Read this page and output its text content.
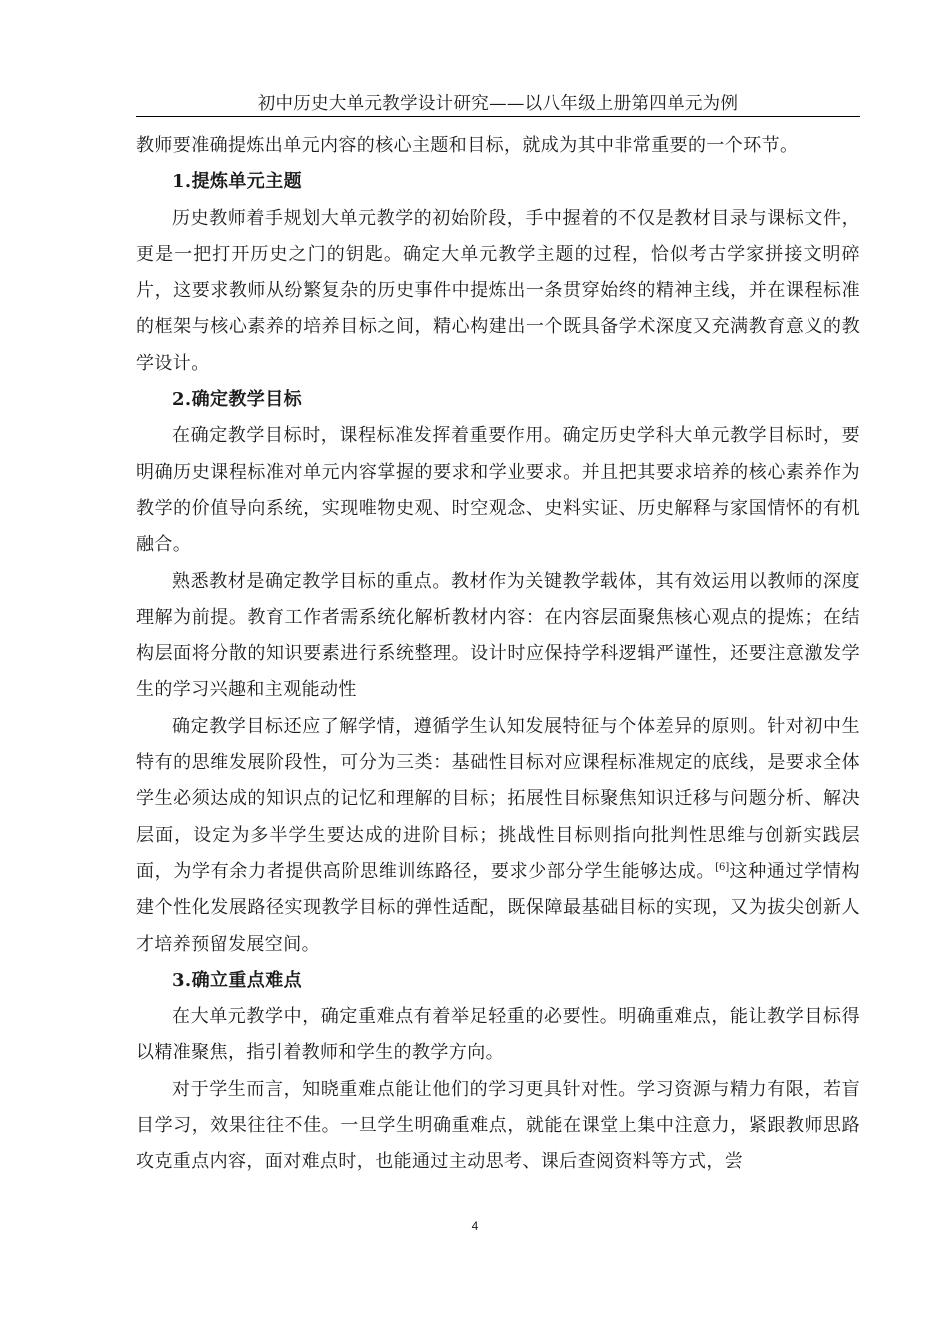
初中历史大单元教学设计研究——以八年级上册第四单元为例

教师要准确提炼出单元内容的核心主题和目标，就成为其中非常重要的一个环节。

1.提炼单元主题

历史教师着手规划大单元教学的初始阶段，手中握着的不仅是教材目录与课标文件，更是一把打开历史之门的钥匙。确定大单元教学主题的过程，恰似考古学家拼接文明碎片，这要求教师从纷繁复杂的历史事件中提炼出一条贯穿始终的精神主线，并在课程标准的框架与核心素养的培养目标之间，精心构建出一个既具备学术深度又充满教育意义的教学设计。

2.确定教学目标

在确定教学目标时，课程标准发挥着重要作用。确定历史学科大单元教学目标时，要明确历史课程标准对单元内容掌握的要求和学业要求。并且把其要求培养的核心素养作为教学的价值导向系统，实现唯物史观、时空观念、史料实证、历史解释与家国情怀的有机融合。

熟悉教材是确定教学目标的重点。教材作为关键教学载体，其有效运用以教师的深度理解为前提。教育工作者需系统化解析教材内容：在内容层面聚焦核心观点的提炼；在结构层面将分散的知识要素进行系统整理。设计时应保持学科逻辑严谨性，还要注意激发学生的学习兴趣和主观能动性

确定教学目标还应了解学情，遵循学生认知发展特征与个体差异的原则。针对初中生特有的思维发展阶段性，可分为三类：基础性目标对应课程标准规定的底线，是要求全体学生必须达成的知识点的记忆和理解的目标；拓展性目标聚焦知识迁移与问题分析、解决层面，设定为多半学生要达成的进阶目标；挑战性目标则指向批判性思维与创新实践层面，为学有余力者提供高阶思维训练路径，要求少部分学生能够达成。[6]这种通过学情构建个性化发展路径实现教学目标的弹性适配，既保障最基础目标的实现，又为拔尖创新人才培养预留发展空间。

3.确立重点难点

在大单元教学中，确定重难点有着举足轻重的必要性。明确重难点，能让教学目标得以精准聚焦，指引着教师和学生的教学方向。

对于学生而言，知晓重难点能让他们的学习更具针对性。学习资源与精力有限，若盲目学习，效果往往不佳。一旦学生明确重难点，就能在课堂上集中注意力，紧跟教师思路攻克重点内容，面对难点时，也能通过主动思考、课后查阅资料等方式，尝

4
